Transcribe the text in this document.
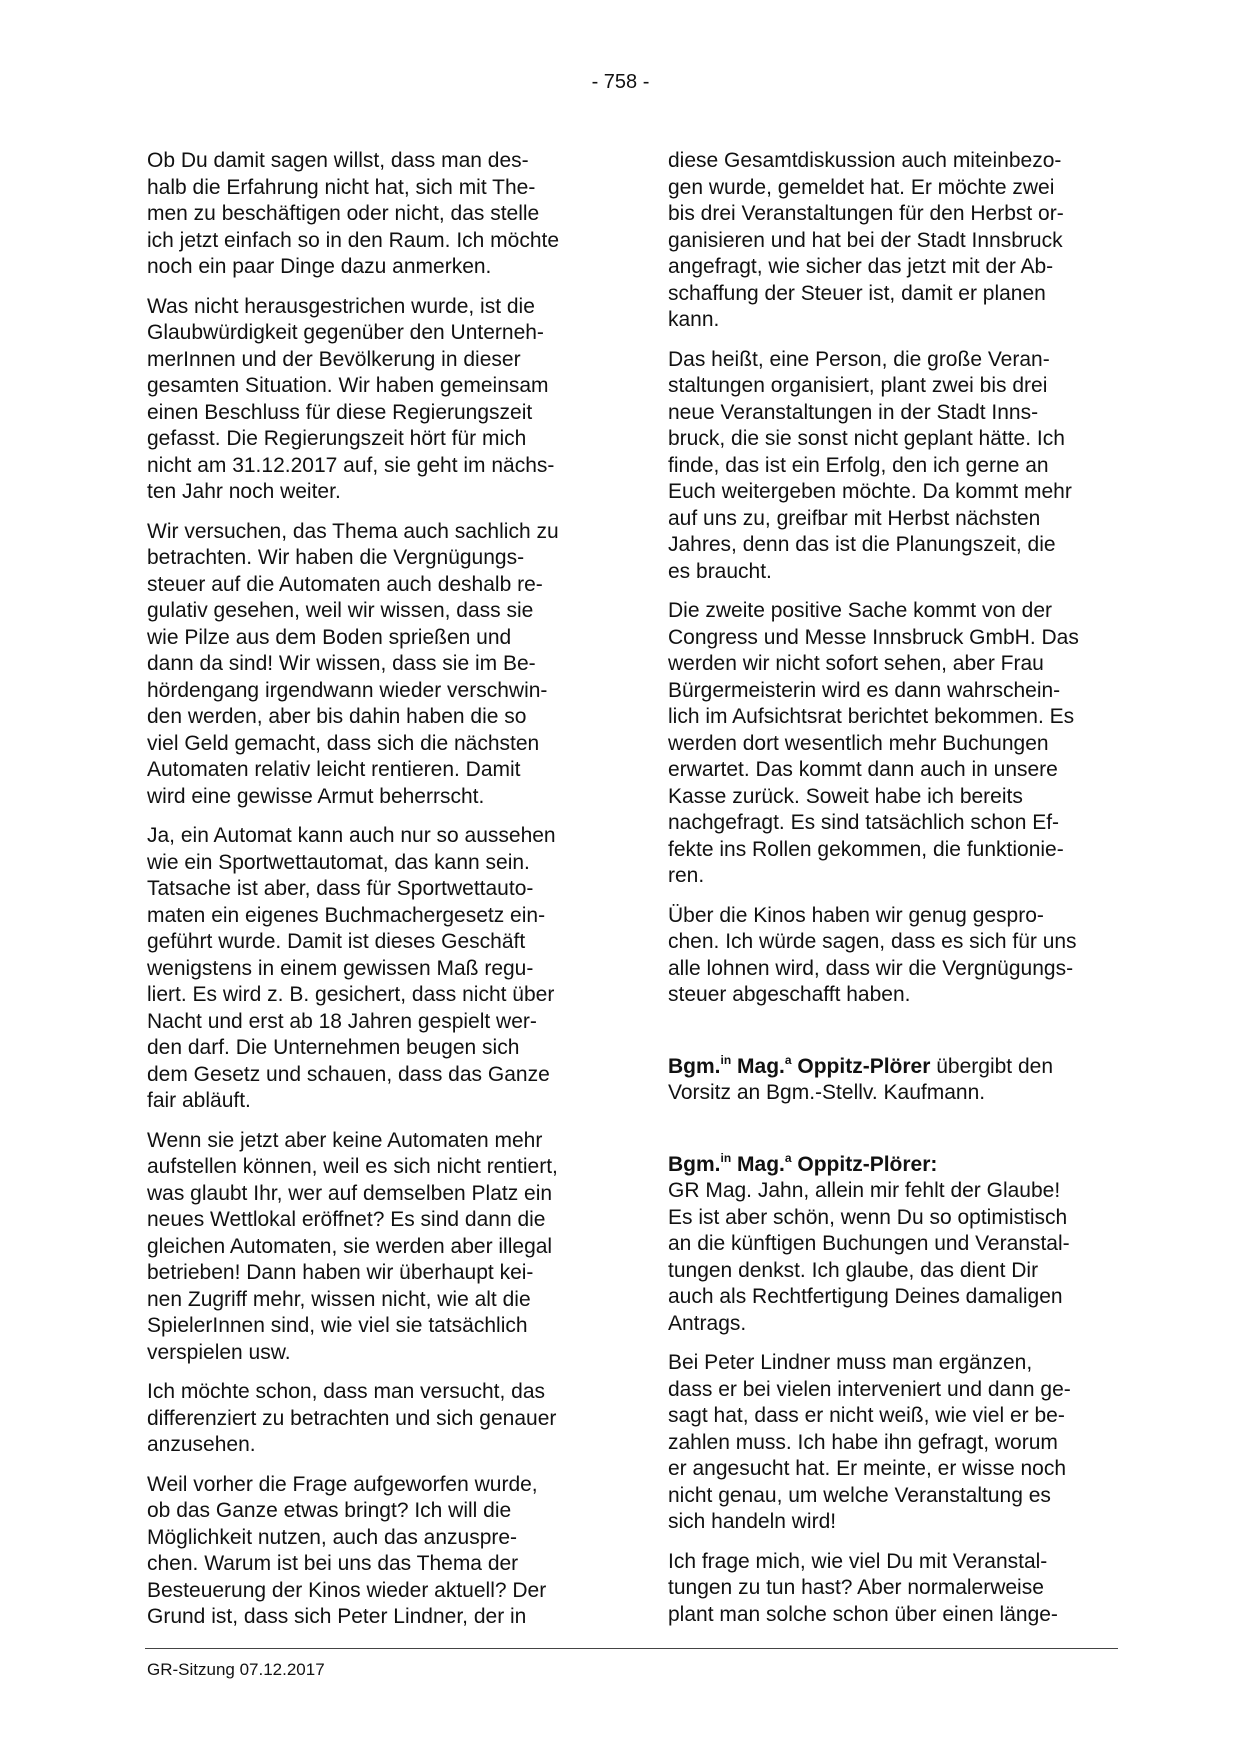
- 758 -

Ob Du damit sagen willst, dass man des-
halb die Erfahrung nicht hat, sich mit The-
men zu beschäftigen oder nicht, das stelle
ich jetzt einfach so in den Raum. Ich möchte
noch ein paar Dinge dazu anmerken.

Was nicht herausgestrichen wurde, ist die
Glaubwürdigkeit gegenüber den Unterneh-
merInnen und der Bevölkerung in dieser
gesamten Situation. Wir haben gemeinsam
einen Beschluss für diese Regierungszeit
gefasst. Die Regierungszeit hört für mich
nicht am 31.12.2017 auf, sie geht im nächs-
ten Jahr noch weiter.

Wir versuchen, das Thema auch sachlich zu
betrachten. Wir haben die Vergnügungs-
steuer auf die Automaten auch deshalb re-
gulativ gesehen, weil wir wissen, dass sie
wie Pilze aus dem Boden sprießen und
dann da sind! Wir wissen, dass sie im Be-
hördengang irgendwann wieder verschwin-
den werden, aber bis dahin haben die so
viel Geld gemacht, dass sich die nächsten
Automaten relativ leicht rentieren. Damit
wird eine gewisse Armut beherrscht.

Ja, ein Automat kann auch nur so aussehen
wie ein Sportwettautomat, das kann sein.
Tatsache ist aber, dass für Sportwettauto-
maten ein eigenes Buchmachergesetz ein-
geführt wurde. Damit ist dieses Geschäft
wenigstens in einem gewissen Maß regu-
liert. Es wird z. B. gesichert, dass nicht über
Nacht und erst ab 18 Jahren gespielt wer-
den darf. Die Unternehmen beugen sich
dem Gesetz und schauen, dass das Ganze
fair abläuft.

Wenn sie jetzt aber keine Automaten mehr
aufstellen können, weil es sich nicht rentiert,
was glaubt Ihr, wer auf demselben Platz ein
neues Wettlokal eröffnet? Es sind dann die
gleichen Automaten, sie werden aber illegal
betrieben! Dann haben wir überhaupt kei-
nen Zugriff mehr, wissen nicht, wie alt die
SpielerInnen sind, wie viel sie tatsächlich
verspielen usw.

Ich möchte schon, dass man versucht, das
differenziert zu betrachten und sich genauer
anzusehen.

Weil vorher die Frage aufgeworfen wurde,
ob das Ganze etwas bringt? Ich will die
Möglichkeit nutzen, auch das anzuspre-
chen. Warum ist bei uns das Thema der
Besteuerung der Kinos wieder aktuell? Der
Grund ist, dass sich Peter Lindner, der in

diese Gesamtdiskussion auch miteinbezo-
gen wurde, gemeldet hat. Er möchte zwei
bis drei Veranstaltungen für den Herbst or-
ganisieren und hat bei der Stadt Innsbruck
angefragt, wie sicher das jetzt mit der Ab-
schaffung der Steuer ist, damit er planen
kann.

Das heißt, eine Person, die große Veran-
staltungen organisiert, plant zwei bis drei
neue Veranstaltungen in der Stadt Inns-
bruck, die sie sonst nicht geplant hätte. Ich
finde, das ist ein Erfolg, den ich gerne an
Euch weitergeben möchte. Da kommt mehr
auf uns zu, greifbar mit Herbst nächsten
Jahres, denn das ist die Planungszeit, die
es braucht.

Die zweite positive Sache kommt von der
Congress und Messe Innsbruck GmbH. Das
werden wir nicht sofort sehen, aber Frau
Bürgermeisterin wird es dann wahrschein-
lich im Aufsichtsrat berichtet bekommen. Es
werden dort wesentlich mehr Buchungen
erwartet. Das kommt dann auch in unsere
Kasse zurück. Soweit habe ich bereits
nachgefragt. Es sind tatsächlich schon Ef-
fekte ins Rollen gekommen, die funktionie-
ren.

Über die Kinos haben wir genug gespro-
chen. Ich würde sagen, dass es sich für uns
alle lohnen wird, dass wir die Vergnügungs-
steuer abgeschafft haben.

Bgm.$^{in}$ Mag.$^a$ Oppitz-Plörer übergibt den
Vorsitz an Bgm.-Stellv. Kaufmann.

Bgm.$^{in}$ Mag.$^a$ Oppitz-Plörer:

GR Mag. Jahn, allein mir fehlt der Glaube!
Es ist aber schön, wenn Du so optimistisch
an die künftigen Buchungen und Veranstal-
tungen denkst. Ich glaube, das dient Dir
auch als Rechtfertigung Deines damaligen
Antrags.

Bei Peter Lindner muss man ergänzen,
dass er bei vielen interveniert und dann ge-
sagt hat, dass er nicht weiß, wie viel er be-
zahlen muss. Ich habe ihn gefragt, worum
er angesucht hat. Er meinte, er wisse noch
nicht genau, um welche Veranstaltung es
sich handeln wird!

Ich frage mich, wie viel Du mit Veranstal-
tungen zu tun hast? Aber normalerweise
plant man solche schon über einen länge-

GR-Sitzung 07.12.2017
